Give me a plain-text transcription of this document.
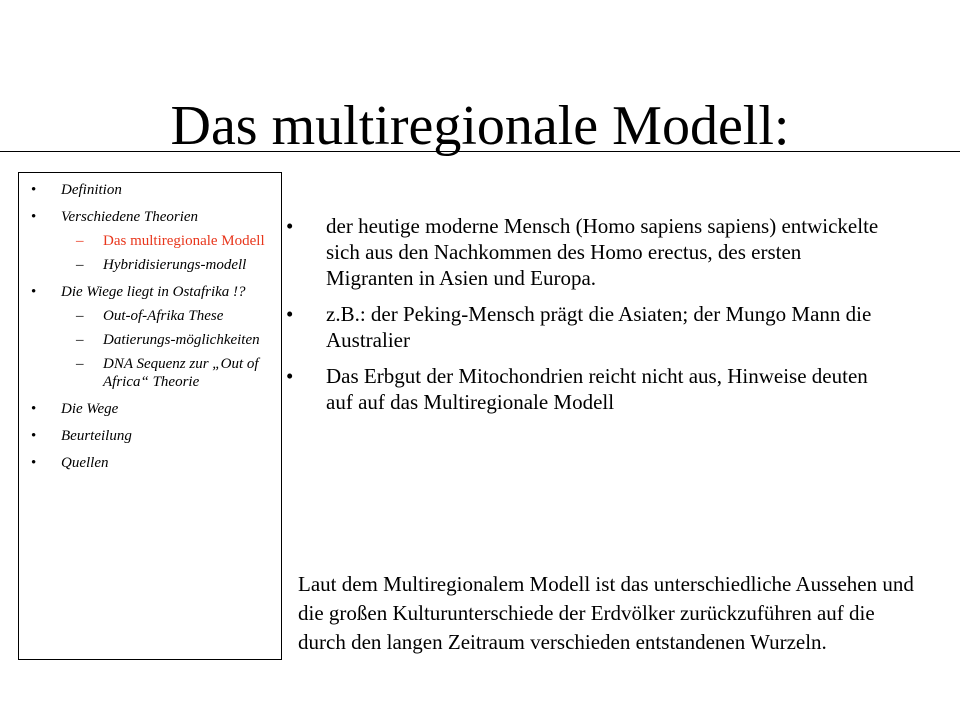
Das multiregionale Modell:
• Definition
• Verschiedene Theorien
– Das multiregionale Modell
– Hybridisierungs-modell
• Die Wiege liegt in Ostafrika !?
– Out-of-Afrika These
– Datierungs-möglichkeiten
– DNA Sequenz zur „Out of Africa“ Theorie
• Die Wege
• Beurteilung
• Quellen
• der heutige moderne Mensch (Homo sapiens sapiens) entwickelte sich aus den Nachkommen des Homo erectus, des ersten Migranten in Asien und Europa.
• z.B.: der Peking-Mensch prägt die Asiaten; der Mungo Mann die Australier
• Das Erbgut der Mitochondrien reicht nicht aus, Hinweise deuten auf auf das Multiregionale Modell

Laut dem Multiregionalem Modell ist das unterschiedliche Aussehen und die großen Kulturunterschiede der Erdvölker zurückzuführen auf die durch den langen Zeitraum verschieden entstandenen Wurzeln.
